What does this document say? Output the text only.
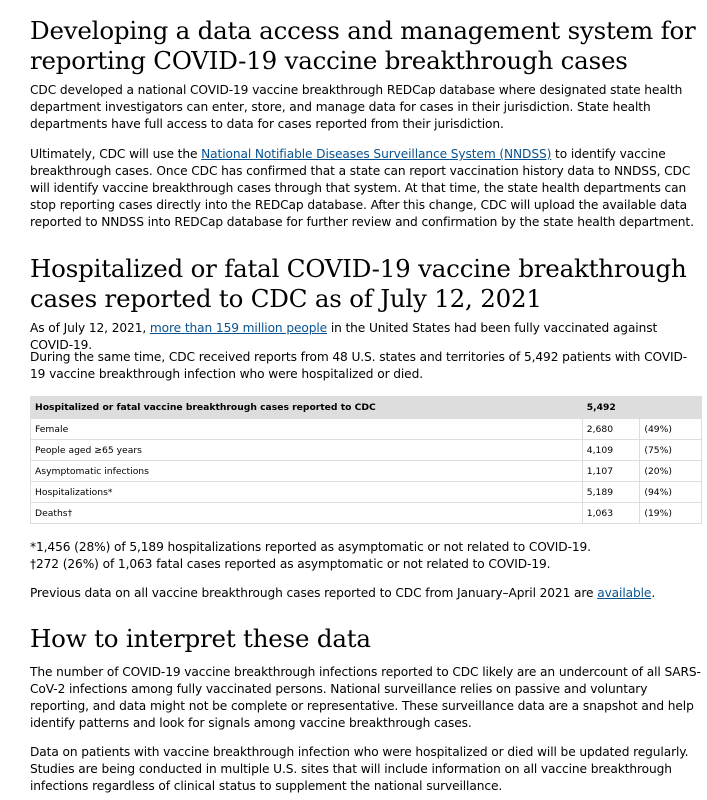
Developing a data access and management system for reporting COVID-19 vaccine breakthrough cases

CDC developed a national COVID-19 vaccine breakthrough REDCap database where designated state health department investigators can enter, store, and manage data for cases in their jurisdiction. State health departments have full access to data for cases reported from their jurisdiction.

Ultimately, CDC will use the National Notifiable Diseases Surveillance System (NNDSS) to identify vaccine breakthrough cases. Once CDC has confirmed that a state can report vaccination history data to NNDSS, CDC will identify vaccine breakthrough cases through that system. At that time, the state health departments can stop reporting cases directly into the REDCap database. After this change, CDC will upload the available data reported to NNDSS into REDCap database for further review and confirmation by the state health department.

Hospitalized or fatal COVID-19 vaccine breakthrough cases reported to CDC as of July 12, 2021

As of July 12, 2021, more than 159 million people in the United States had been fully vaccinated against COVID-19.

During the same time, CDC received reports from 48 U.S. states and territories of 5,492 patients with COVID-19 vaccine breakthrough infection who were hospitalized or died.

Hospitalized or fatal vaccine breakthrough cases reported to CDC	5,492	
Female	2,680	(49%)
People aged ≥65 years	4,109	(75%)
Asymptomatic infections	1,107	(20%)
Hospitalizations*	5,189	(94%)
Deaths†	1,063	(19%)

*1,456 (28%) of 5,189 hospitalizations reported as asymptomatic or not related to COVID-19.

†272 (26%) of 1,063 fatal cases reported as asymptomatic or not related to COVID-19.

Previous data on all vaccine breakthrough cases reported to CDC from January–April 2021 are available.

How to interpret these data

The number of COVID-19 vaccine breakthrough infections reported to CDC likely are an undercount of all SARS-CoV-2 infections among fully vaccinated persons. National surveillance relies on passive and voluntary reporting, and data might not be complete or representative. These surveillance data are a snapshot and help identify patterns and look for signals among vaccine breakthrough cases.

Data on patients with vaccine breakthrough infection who were hospitalized or died will be updated regularly. Studies are being conducted in multiple U.S. sites that will include information on all vaccine breakthrough infections regardless of clinical status to supplement the national surveillance.
